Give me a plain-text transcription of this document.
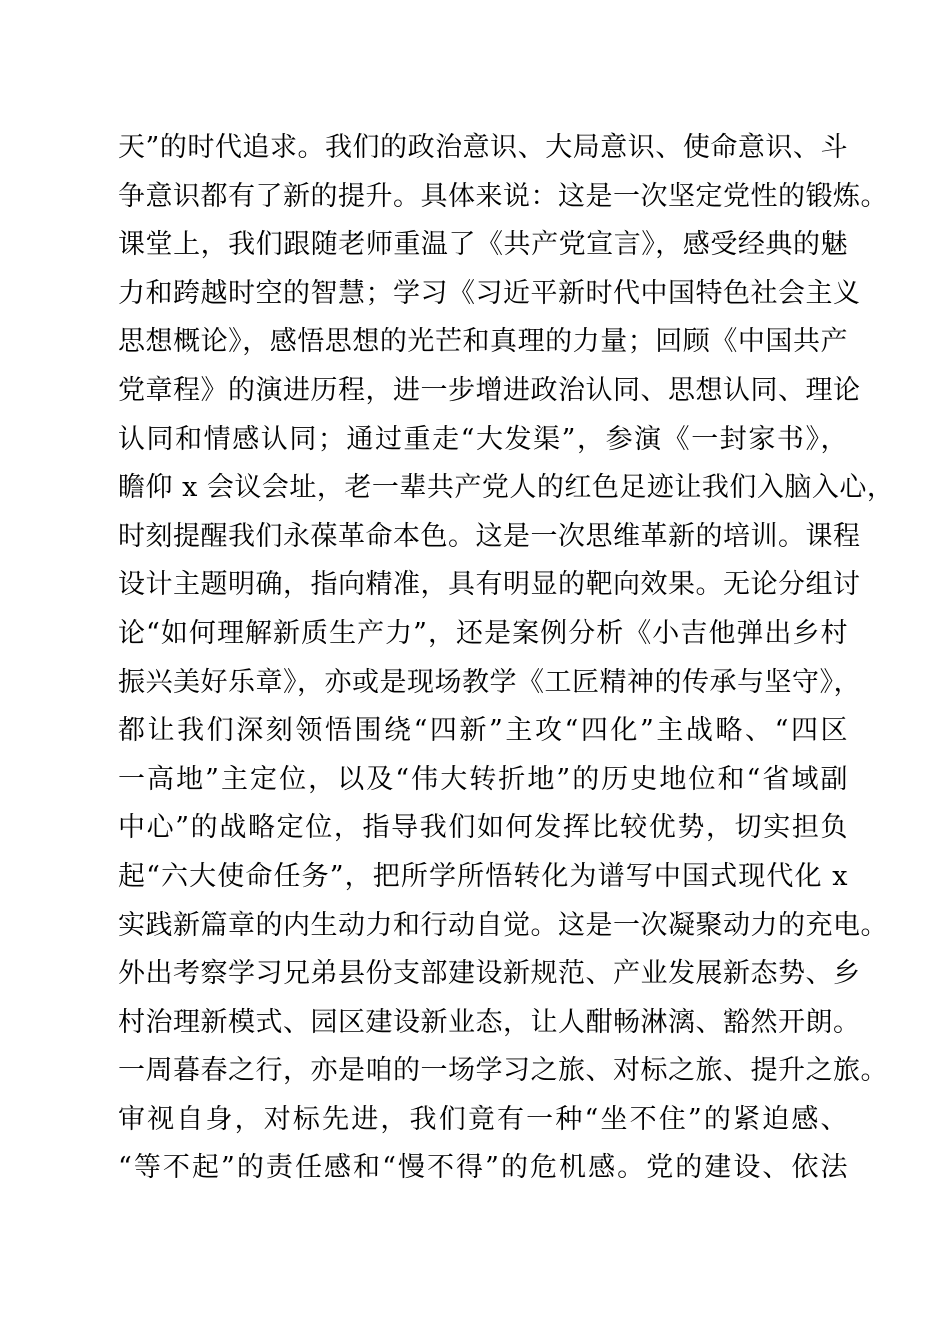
天”的时代追求。我们的政治意识、大局意识、使命意识、斗
争意识都有了新的提升。具体来说：这是一次坚定党性的锻炼。
课堂上，我们跟随老师重温了《共产党宣言》，感受经典的魅
力和跨越时空的智慧；学习《习近平新时代中国特色社会主义
思想概论》，感悟思想的光芒和真理的力量；回顾《中国共产
党章程》的演进历程，进一步增进政治认同、思想认同、理论
认同和情感认同；通过重走“大发渠”，参演《一封家书》，
瞻仰 x 会议会址，老一辈共产党人的红色足迹让我们入脑入心，
时刻提醒我们永葆革命本色。这是一次思维革新的培训。课程
设计主题明确，指向精准，具有明显的靶向效果。无论分组讨
论“如何理解新质生产力”，还是案例分析《小吉他弹出乡村
振兴美好乐章》，亦或是现场教学《工匠精神的传承与坚守》，
都让我们深刻领悟围绕“四新”主攻“四化”主战略、“四区
一高地”主定位，以及“伟大转折地”的历史地位和“省域副
中心”的战略定位，指导我们如何发挥比较优势，切实担负
起“六大使命任务”，把所学所悟转化为谱写中国式现代化 x
实践新篇章的内生动力和行动自觉。这是一次凝聚动力的充电。
外出考察学习兄弟县份支部建设新规范、产业发展新态势、乡
村治理新模式、园区建设新业态，让人酣畅淋漓、豁然开朗。
一周暮春之行，亦是咱的一场学习之旅、对标之旅、提升之旅。
审视自身，对标先进，我们竟有一种“坐不住”的紧迫感、
“等不起”的责任感和“慢不得”的危机感。党的建设、依法
